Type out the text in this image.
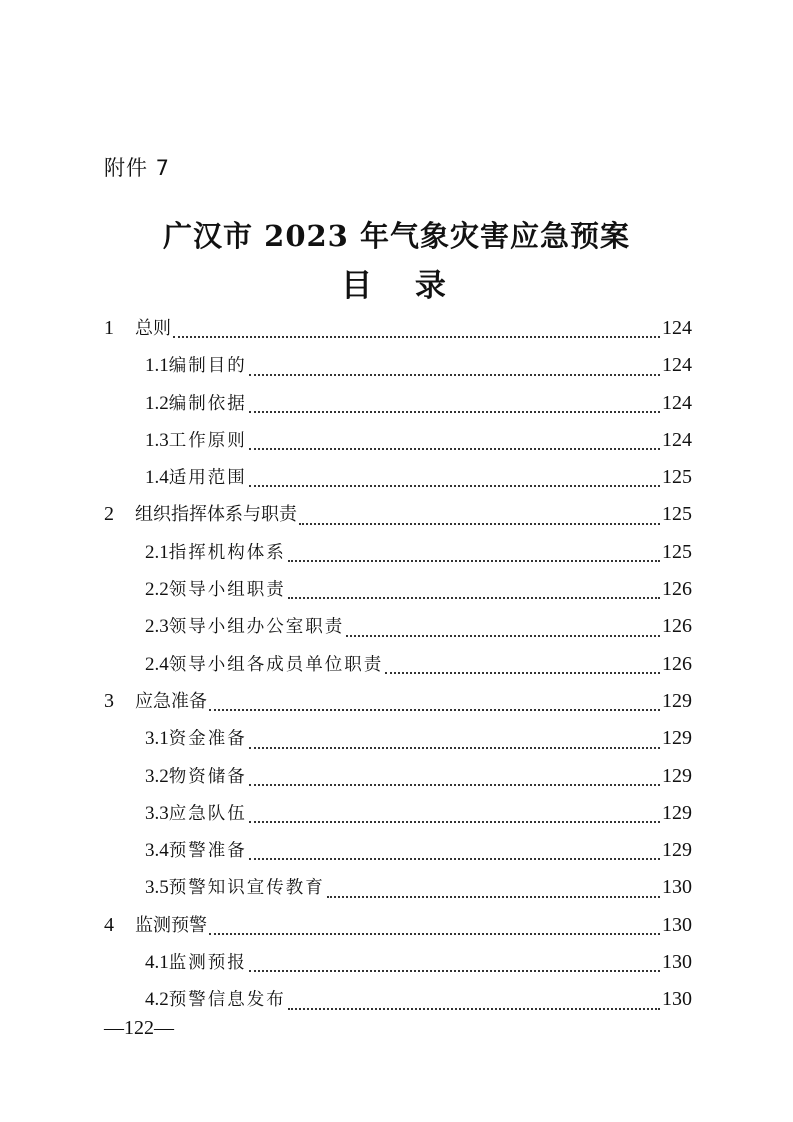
附件 7
广汉市 2023 年气象灾害应急预案
目 录
1	总则	124
1.1编制目的	124
1.2编制依据	124
1.3工作原则	124
1.4适用范围	125
2	组织指挥体系与职责	125
2.1指挥机构体系	125
2.2领导小组职责	126
2.3领导小组办公室职责	126
2.4领导小组各成员单位职责	126
3	应急准备	129
3.1资金准备	129
3.2物资储备	129
3.3应急队伍	129
3.4预警准备	129
3.5预警知识宣传教育	130
4	监测预警	130
4.1监测预报	130
4.2预警信息发布	130
—122—
